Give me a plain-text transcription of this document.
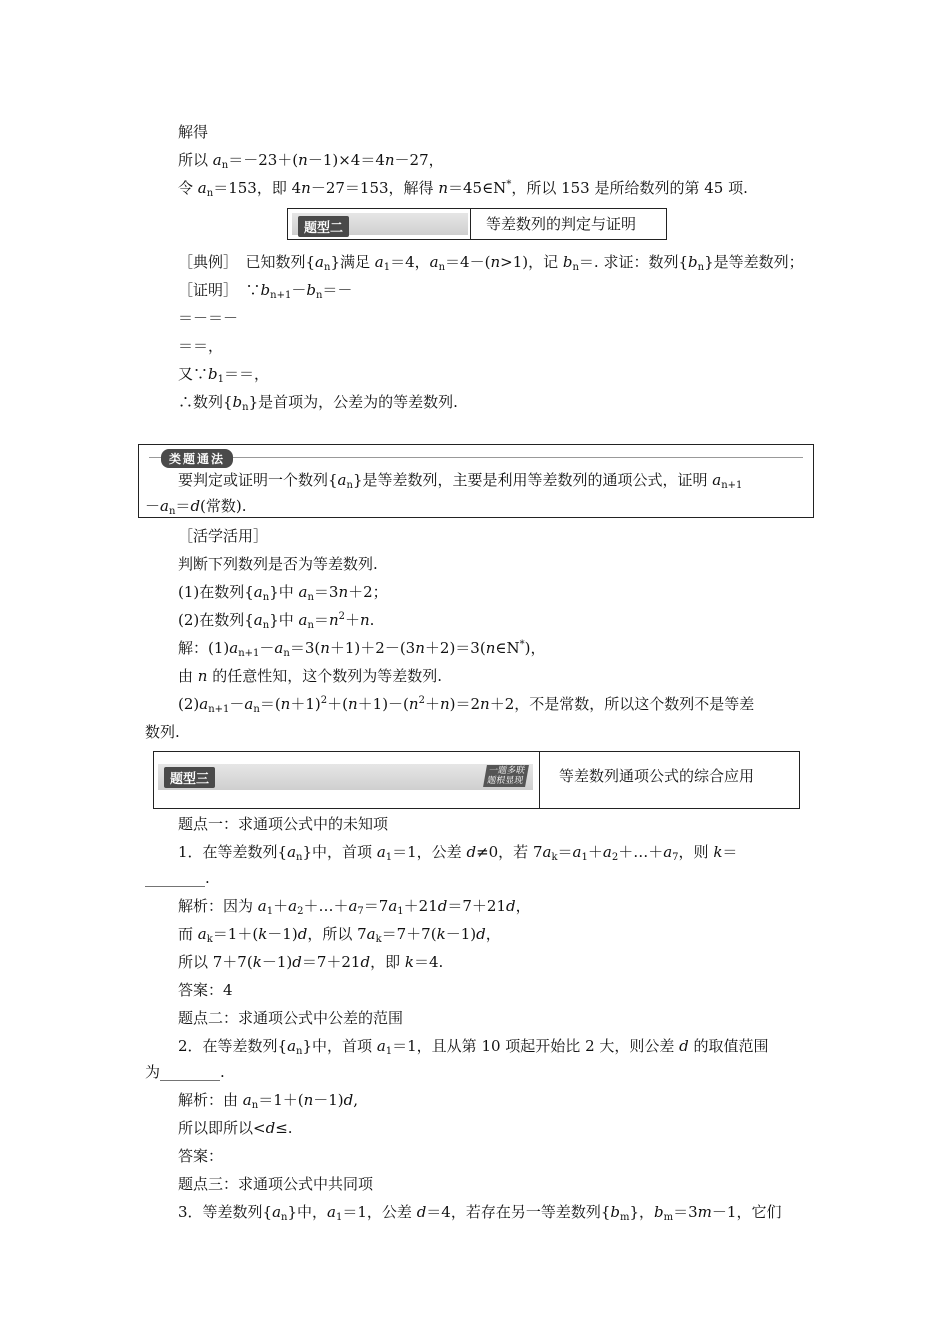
解得
所以 $a_n=-23+(n-1)\times 4=4n-27$，
令 $a_n=153$，即 4n－27＝153，解得 n＝45∈N*，所以 153 是所给数列的第 45 项.
题型二	等差数列的判定与证明
［典例］　已知数列$\{a_n\}$满足 $a_1=4$，$a_n=4-(n>1)$，记 $b_n=$. 求证：数列$\{b_n\}$是等差数列；
［证明］　$\because b_{n+1}-b_n=-$
＝－＝－
＝＝，
又$\because b_1==$，
∴数列$\{b_n\}$是首项为，公差为的等差数列.
类题通法
要判定或证明一个数列$\{a_n\}$是等差数列，主要是利用等差数列的通项公式，证明 $a_{n+1}$
$-a_n=d$(常数).
［活学活用］
判断下列数列是否为等差数列.
(1)在数列$\{a_n\}$中 $a_n=3n+2$；
(2)在数列$\{a_n\}$中 $a_n=n^2+n$.
解：$(1)a_{n+1}-a_n=3(n+1)+2-(3n+2)=3(n\in N^*)$，
由 n 的任意性知，这个数列为等差数列.
$(2)a_{n+1}-a_n=(n+1)^2+(n+1)-(n^2+n)=2n+2$，不是常数，所以这个数列不是等差
数列.
题型三
一题多联
题根显现	等差数列通项公式的综合应用
题点一：求通项公式中的未知项
1．在等差数列$\{a_n\}$中，首项 $a_1=1$，公差 d≠0，若 $7a_k=a_1+a_2+\dots+a_7$，则 k＝
________.
解析：因为 $a_1+a_2+\dots+a_7=7a_1+21d=7+21d$，
而 $a_k=1+(k-1)d$，所以 $7a_k=7+7(k-1)d$，
所以 7＋7(k－1)d＝7＋21d，即 k＝4.
答案：4
题点二：求通项公式中公差的范围
2．在等差数列$\{a_n\}$中，首项 $a_1=1$，且从第 10 项起开始比 2 大，则公差 d 的取值范围
为________.
解析：由 $a_n=1+(n-1)d$,
所以即所以<d≤.
答案：
题点三：求通项公式中共同项
3．等差数列$\{a_n\}$中，$a_1=1$，公差 d＝4，若存在另一等差数列$\{b_m\}$，$b_m=3m-1$，它们
